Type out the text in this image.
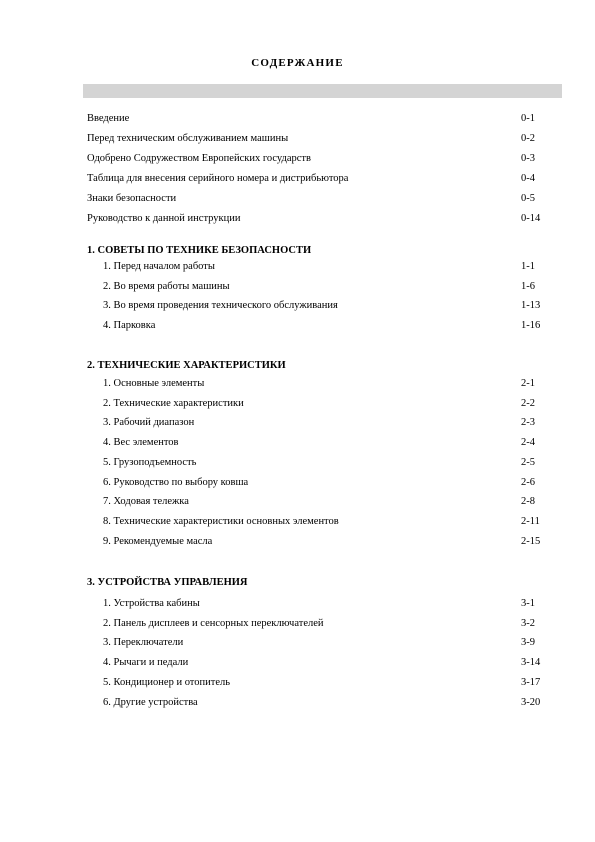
СОДЕРЖАНИЕ
Введение	0-1
Перед техническим обслуживанием машины	0-2
Одобрено Содружеством Европейских государств	0-3
Таблица для внесения серийного номера и дистрибьютора	0-4
Знаки безопасности	0-5
Руководство к данной инструкции	0-14
1. СОВЕТЫ ПО ТЕХНИКЕ БЕЗОПАСНОСТИ
1. Перед началом работы	1-1
2. Во время работы машины	1-6
3. Во время проведения технического обслуживания	1-13
4. Парковка	1-16
2. ТЕХНИЧЕСКИЕ ХАРАКТЕРИСТИКИ
1. Основные элементы	2-1
2. Технические характеристики	2-2
3. Рабочий диапазон	2-3
4. Вес элементов	2-4
5. Грузоподъемность	2-5
6. Руководство по выбору ковша	2-6
7. Ходовая тележка	2-8
8. Технические характеристики основных элементов	2-11
9. Рекомендуемые масла	2-15
3. УСТРОЙСТВА УПРАВЛЕНИЯ
1. Устройства кабины	3-1
2. Панель дисплеев и сенсорных переключателей	3-2
3. Переключатели	3-9
4. Рычаги и педали	3-14
5. Кондиционер и отопитель	3-17
6. Другие устройства	3-20
